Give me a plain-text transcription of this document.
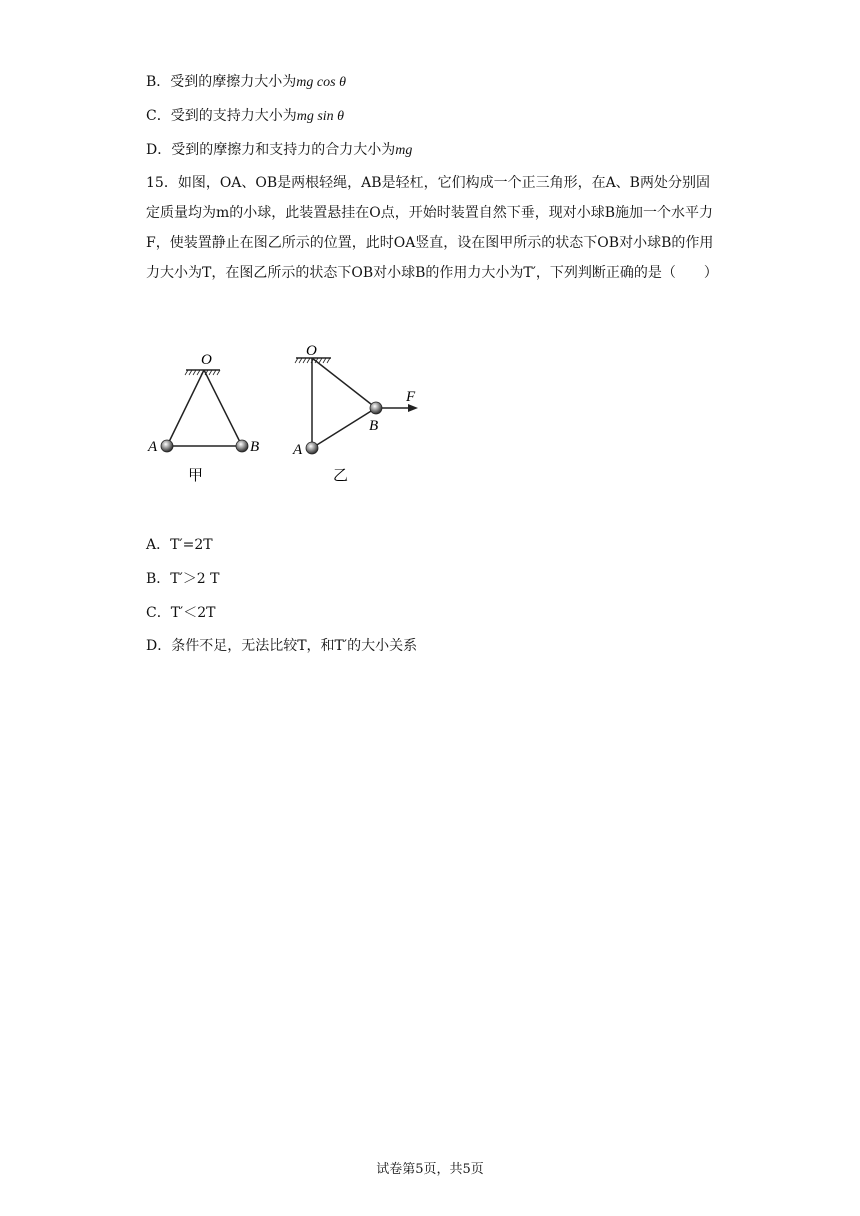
B．受到的摩擦力大小为mg cos θ
C．受到的支持力大小为mg sin θ
D．受到的摩擦力和支持力的合力大小为mg
15．如图，OA、OB是两根轻绳，AB是轻杠，它们构成一个正三角形，在A、B两处分别固定质量均为m的小球，此装置悬挂在O点，开始时装置自然下垂，现对小球B施加一个水平力F，使装置静止在图乙所示的位置，此时OA竖直，设在图甲所示的状态下OB对小球B的作用力大小为T，在图乙所示的状态下OB对小球B的作用力大小为T′，下列判断正确的是（　　）
O
A	B
甲
O
A
B
F
乙
A．T′=2T
B．T′＞2 T
C．T′＜2T
D．条件不足，无法比较T，和T′的大小关系
试卷第5页，共5页
